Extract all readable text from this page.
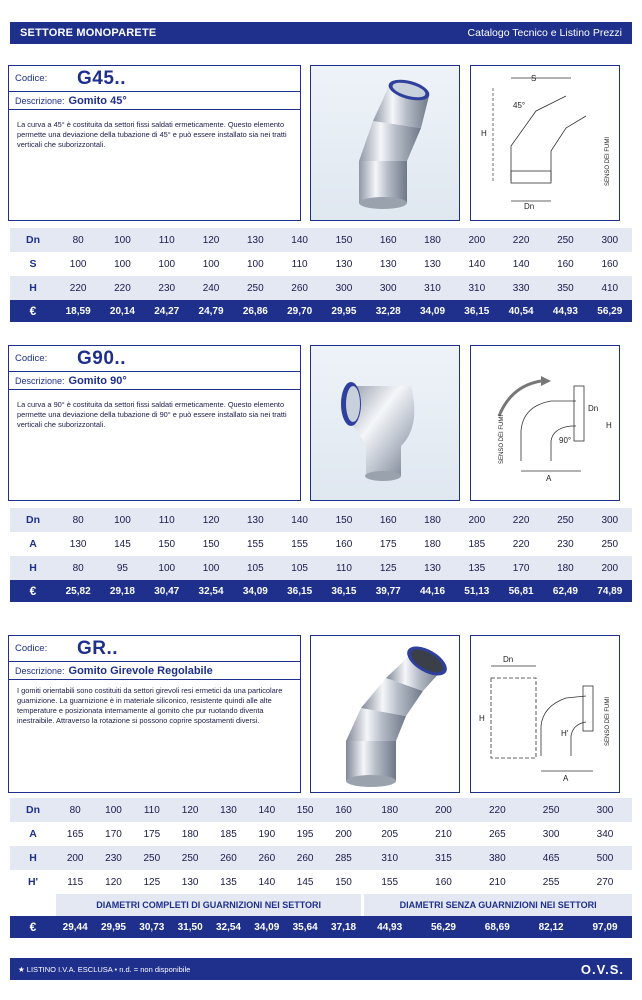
SETTORE MONOPARETE	Catalogo Tecnico e Listino Prezzi
Codice:	G45..
Descrizione: Gomito 45°
La curva a 45° è costituita da settori fissi saldati ermeticamente. Questo elemento permette una deviazione della tubazione di 45° e può essere installato sia nei tratti verticali che suborizzontali.
S
H
45°
Dn
SENSO DEI FUMI
Dn	80	100	110	120	130	140	150	160	180	200	220	250	300
S	100	100	100	100	100	110	130	130	130	140	140	160	160
H	220	220	230	240	250	260	300	300	310	310	330	350	410
€	18,59	20,14	24,27	24,79	26,86	29,70	29,95	32,28	34,09	36,15	40,54	44,93	56,29
Codice:	G90..
Descrizione: Gomito 90°
La curva a 90° è costituita da settori fissi saldati ermeticamente. Questo elemento permette una deviazione della tubazione di 90° e può essere installato sia nei tratti verticali che suborizzontali.
Dn
H
90°
A
SENSO DEI FUMI
Dn	80	100	110	120	130	140	150	160	180	200	220	250	300
A	130	145	150	150	155	155	160	175	180	185	220	230	250
H	80	95	100	100	105	105	110	125	130	135	170	180	200
€	25,82	29,18	30,47	32,54	34,09	36,15	36,15	39,77	44,16	51,13	56,81	62,49	74,89
Codice:	GR..
Descrizione: Gomito Girevole Regolabile
I gomiti orientabili sono costituiti da settori girevoli resi ermetici da una particolare guarnizione. La guarnizione è in materiale siliconico, resistente quindi alle alte temperature e posizionata internamente al gomito che pur ruotando diventa inestraibile. Attraverso la rotazione si possono coprire spostamenti diversi.
Dn
H
H'
A
SENSO DEI FUMI
Dn	80	100	110	120	130	140	150	160	180	200	220	250	300
A	165	170	175	180	185	190	195	200	205	210	265	300	340
H	200	230	250	250	260	260	260	285	310	315	380	465	500
H'	115	120	125	130	135	140	145	150	155	160	210	255	270
	DIAMETRI COMPLETI DI GUARNIZIONI NEI SETTORI								DIAMETRI SENZA GUARNIZIONI NEI SETTORI				
€	29,44	29,95	30,73	31,50	32,54	34,09	35,64	37,18	44,93	56,29	68,69	82,12	97,09
★ LISTINO I.V.A. ESCLUSA • n.d. = non disponibile	O.V.S.
